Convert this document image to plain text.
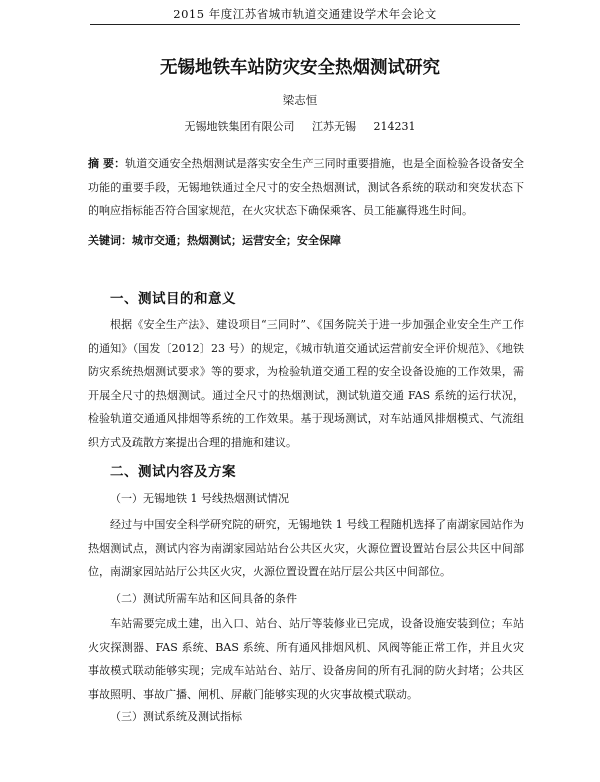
2015 年度江苏省城市轨道交通建设学术年会论文
无锡地铁车站防灾安全热烟测试研究
梁志恒
无锡地铁集团有限公司 江苏无锡 214231
摘 要：轨道交通安全热烟测试是落实安全生产三同时重要措施，也是全面检验各设备安全功能的重要手段，无锡地铁通过全尺寸的安全热烟测试，测试各系统的联动和突发状态下的响应指标能否符合国家规范，在火灾状态下确保乘客、员工能赢得逃生时间。
关键词：城市交通；热烟测试；运营安全；安全保障
一、测试目的和意义
根据《安全生产法》、建设项目“三同时”、《国务院关于进一步加强企业安全生产工作的通知》（国发〔2012〕23 号）的规定，《城市轨道交通试运营前安全评价规范》、《地铁防灾系统热烟测试要求》等的要求，为检验轨道交通工程的安全设备设施的工作效果，需开展全尺寸的热烟测试。通过全尺寸的热烟测试，测试轨道交通 FAS 系统的运行状况，检验轨道交通通风排烟等系统的工作效果。基于现场测试，对车站通风排烟模式、气流组织方式及疏散方案提出合理的措施和建议。
二、测试内容及方案
（一）无锡地铁 1 号线热烟测试情况
经过与中国安全科学研究院的研究，无锡地铁 1 号线工程随机选择了南湖家园站作为热烟测试点，测试内容为南湖家园站站台公共区火灾，火源位置设置站台层公共区中间部位，南湖家园站站厅公共区火灾，火源位置设置在站厅层公共区中间部位。
（二）测试所需车站和区间具备的条件
车站需要完成土建，出入口、站台、站厅等装修业已完成，设备设施安装到位；车站火灾探测器、FAS 系统、BAS 系统、所有通风排烟风机、风阀等能正常工作，并且火灾事故模式联动能够实现；完成车站站台、站厅、设备房间的所有孔洞的防火封堵；公共区事故照明、事故广播、闸机、屏蔽门能够实现的火灾事故模式联动。
（三）测试系统及测试指标
